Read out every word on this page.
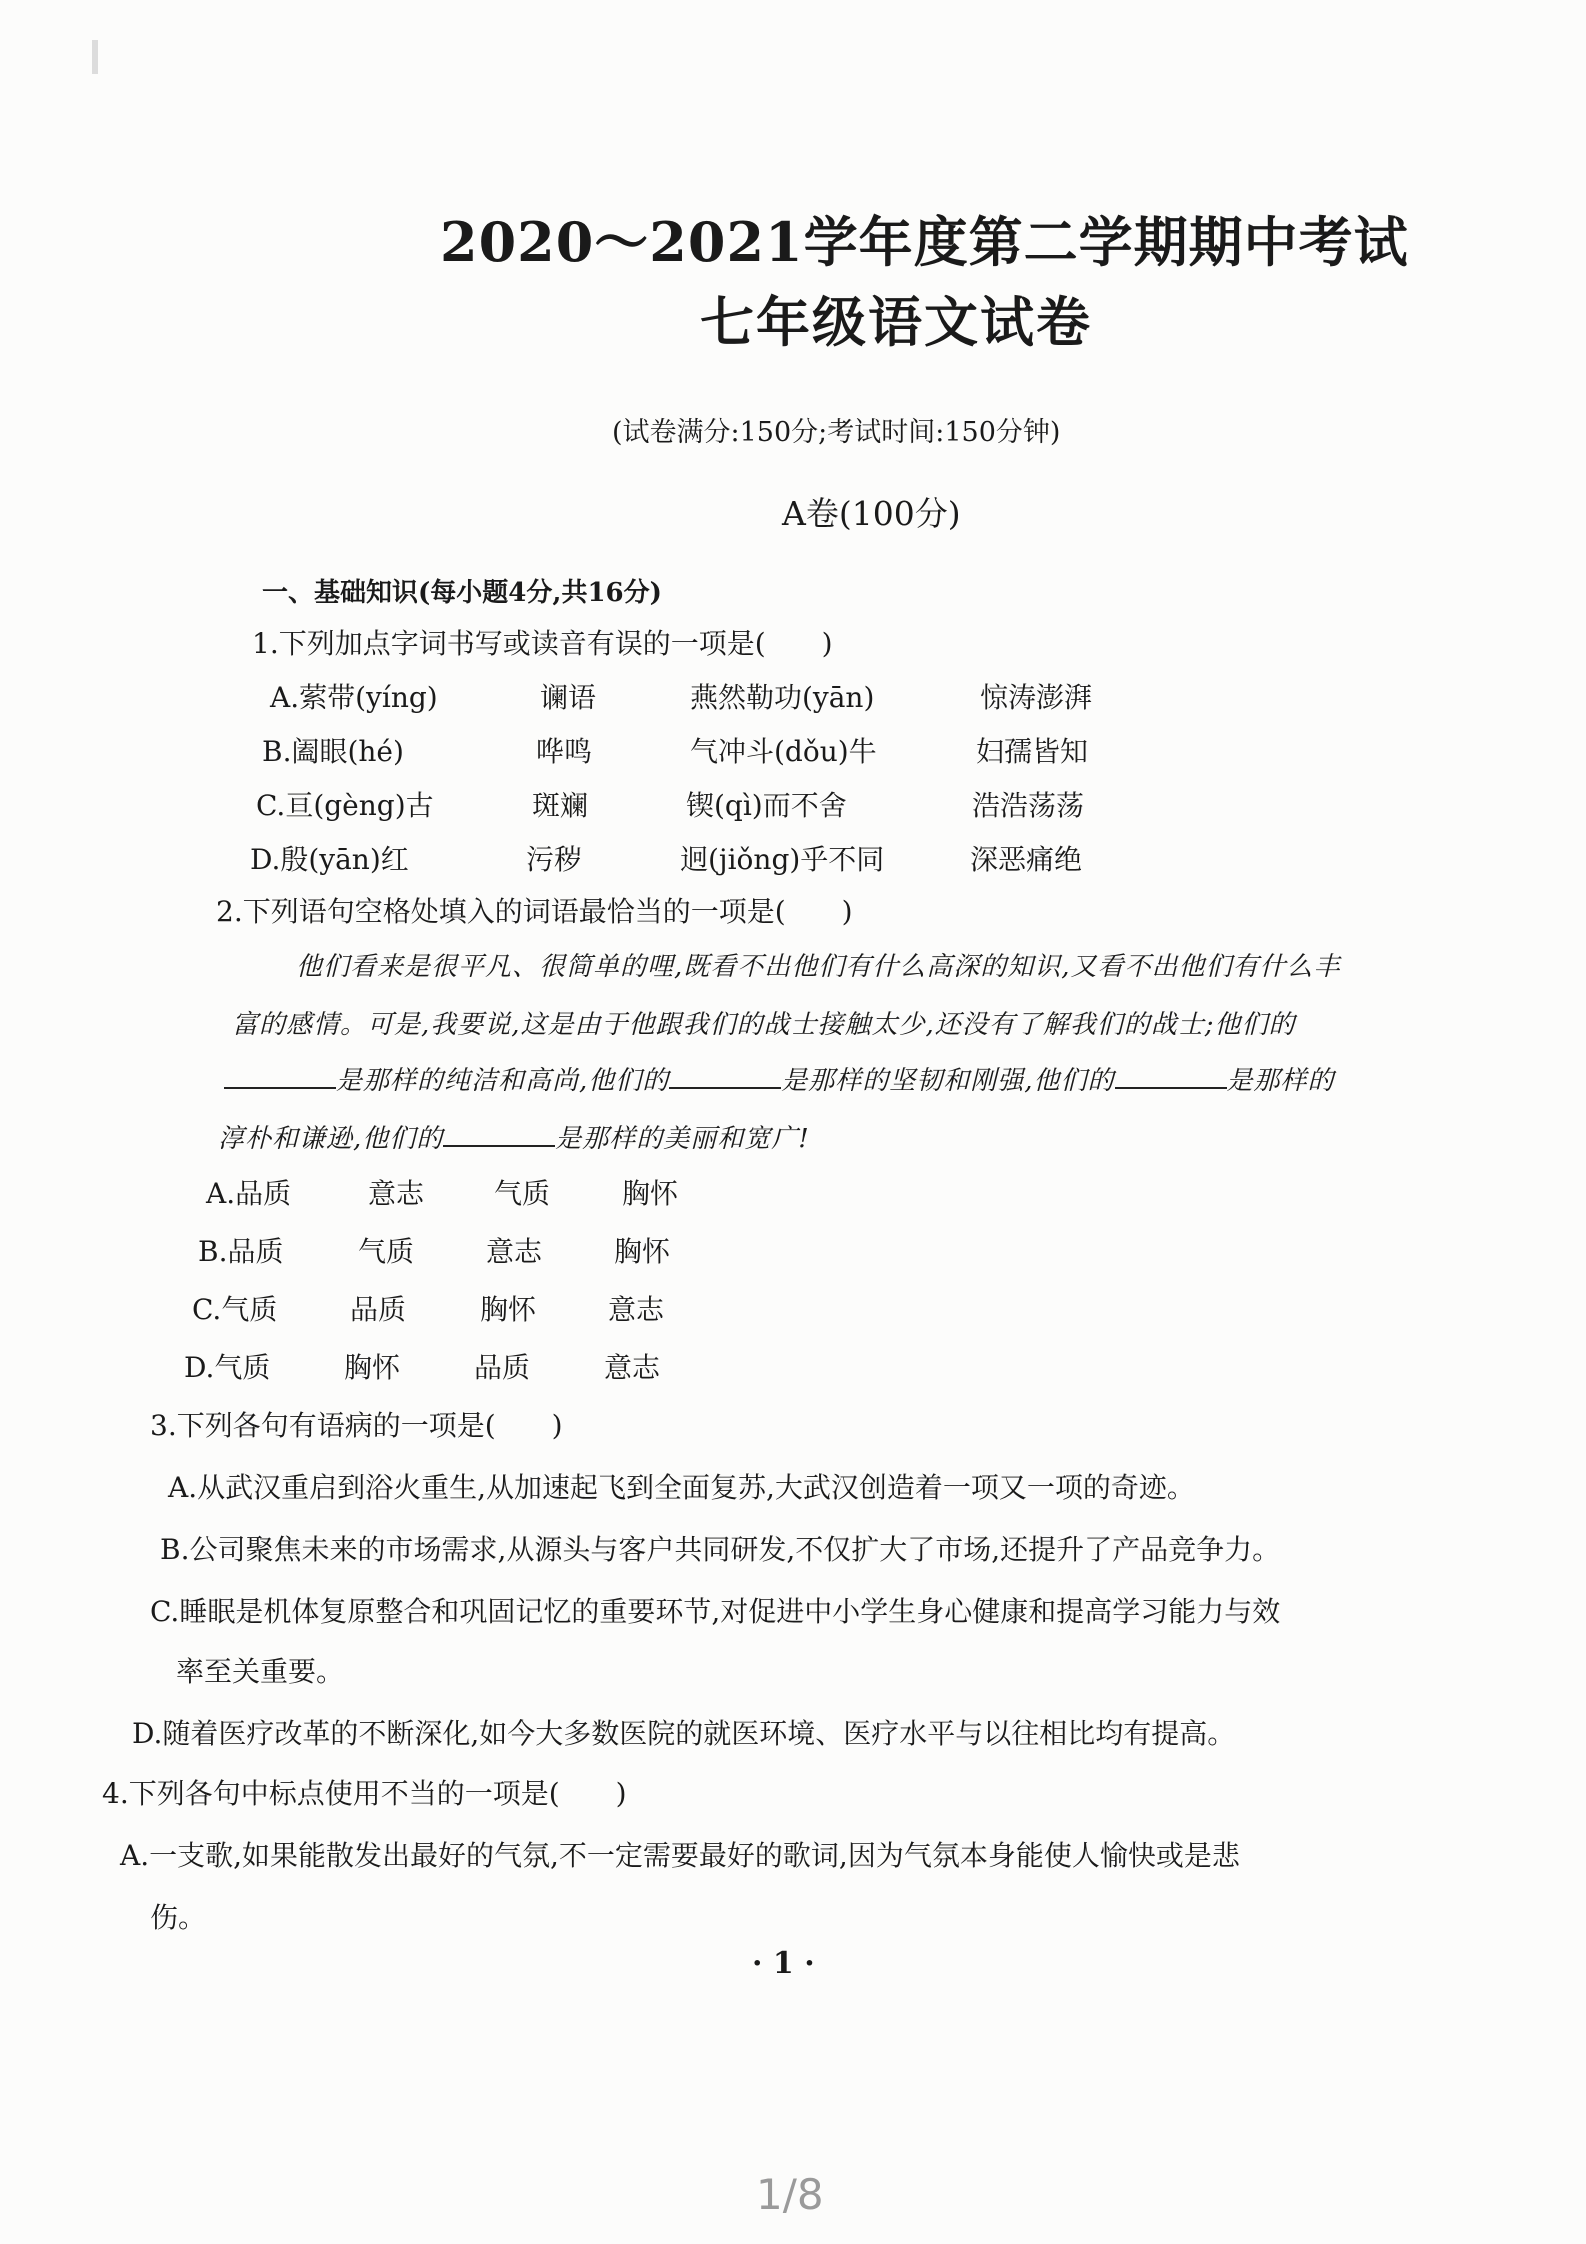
2020～2021学年度第二学期期中考试
七年级语文试卷
(试卷满分:150分;考试时间:150分钟)
A卷(100分)
一、基础知识(每小题4分,共16分)
1.下列加点字词书写或读音有误的一项是(　　)
A.萦带(yíng)	谰语	燕然勒功(yān)	惊涛澎湃
B.阖眼(hé)	哗鸣	气冲斗(dǒu)牛	妇孺皆知
C.亘(gèng)古	斑斓	锲(qì)而不舍	浩浩荡荡
D.殷(yān)红	污秽	迥(jiǒng)乎不同	深恶痛绝
2.下列语句空格处填入的词语最恰当的一项是(　　)
他们看来是很平凡、很简单的哩,既看不出他们有什么高深的知识,又看不出他们有什么丰
富的感情。可是,我要说,这是由于他跟我们的战士接触太少,还没有了解我们的战士;他们的
是那样的纯洁和高尚,他们的	是那样的坚韧和刚强,他们的	是那样的
淳朴和谦逊,他们的	是那样的美丽和宽广!
A.品质	意志 气质	胸怀
B.品质	气质	意志	胸怀
C.气质	品质	胸怀	意志
D.气质	胸怀	品质	意志
3.下列各句有语病的一项是(　　)
A.从武汉重启到浴火重生,从加速起飞到全面复苏,大武汉创造着一项又一项的奇迹。
B.公司聚焦未来的市场需求,从源头与客户共同研发,不仅扩大了市场,还提升了产品竞争力。
C.睡眠是机体复原整合和巩固记忆的重要环节,对促进中小学生身心健康和提高学习能力与效
率至关重要。
D.随着医疗改革的不断深化,如今大多数医院的就医环境、医疗水平与以往相比均有提高。
4.下列各句中标点使用不当的一项是(　　)
A.一支歌,如果能散发出最好的气氛,不一定需要最好的歌词,因为气氛本身能使人愉快或是悲
伤。
· 1 ·
1/8
